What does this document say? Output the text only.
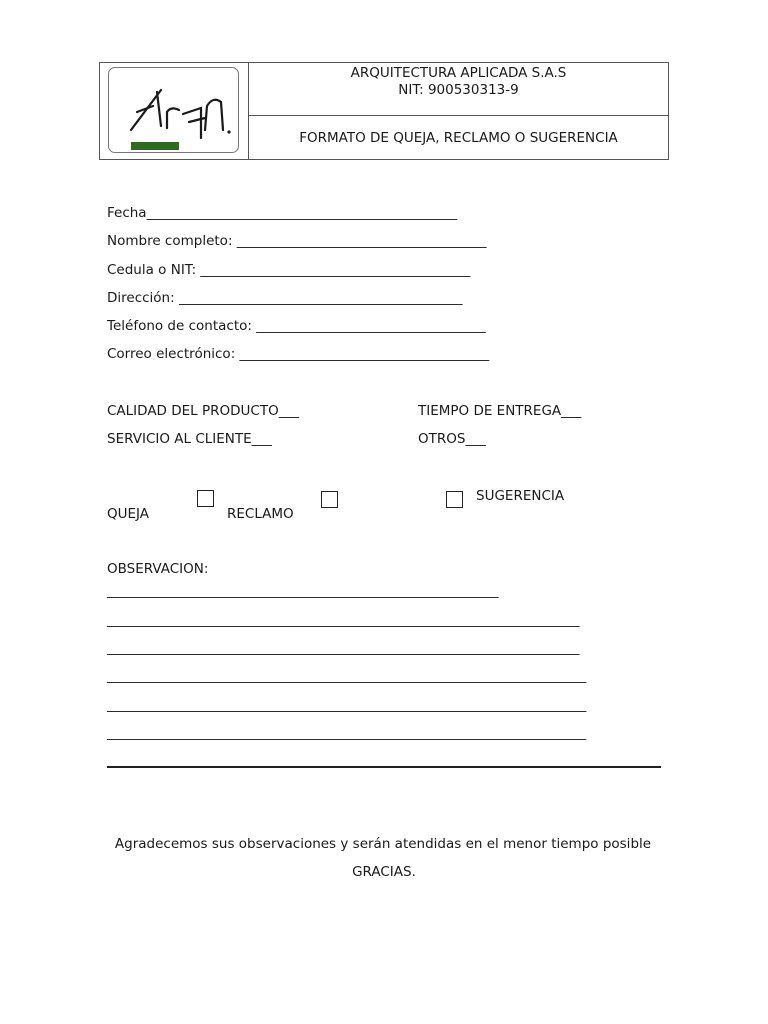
ARQUITECTURA APLICADA S.A.S
NIT: 900530313-9
FORMATO DE QUEJA, RECLAMO O SUGERENCIA
Fecha______________________________________________
Nombre completo: _____________________________________
Cedula o NIT: ________________________________________
Dirección: __________________________________________
Teléfono de contacto: __________________________________
Correo electrónico: _____________________________________
CALIDAD DEL PRODUCTO___	TIEMPO DE ENTREGA___
SERVICIO AL CLIENTE___	OTROS___
QUEJA	RECLAMO
SUGERENCIA
OBSERVACION:
__________________________________________________________
______________________________________________________________________
______________________________________________________________________
_______________________________________________________________________
_______________________________________________________________________
_______________________________________________________________________
Agradecemos sus observaciones y serán atendidas en el menor tiempo posible
GRACIAS.
